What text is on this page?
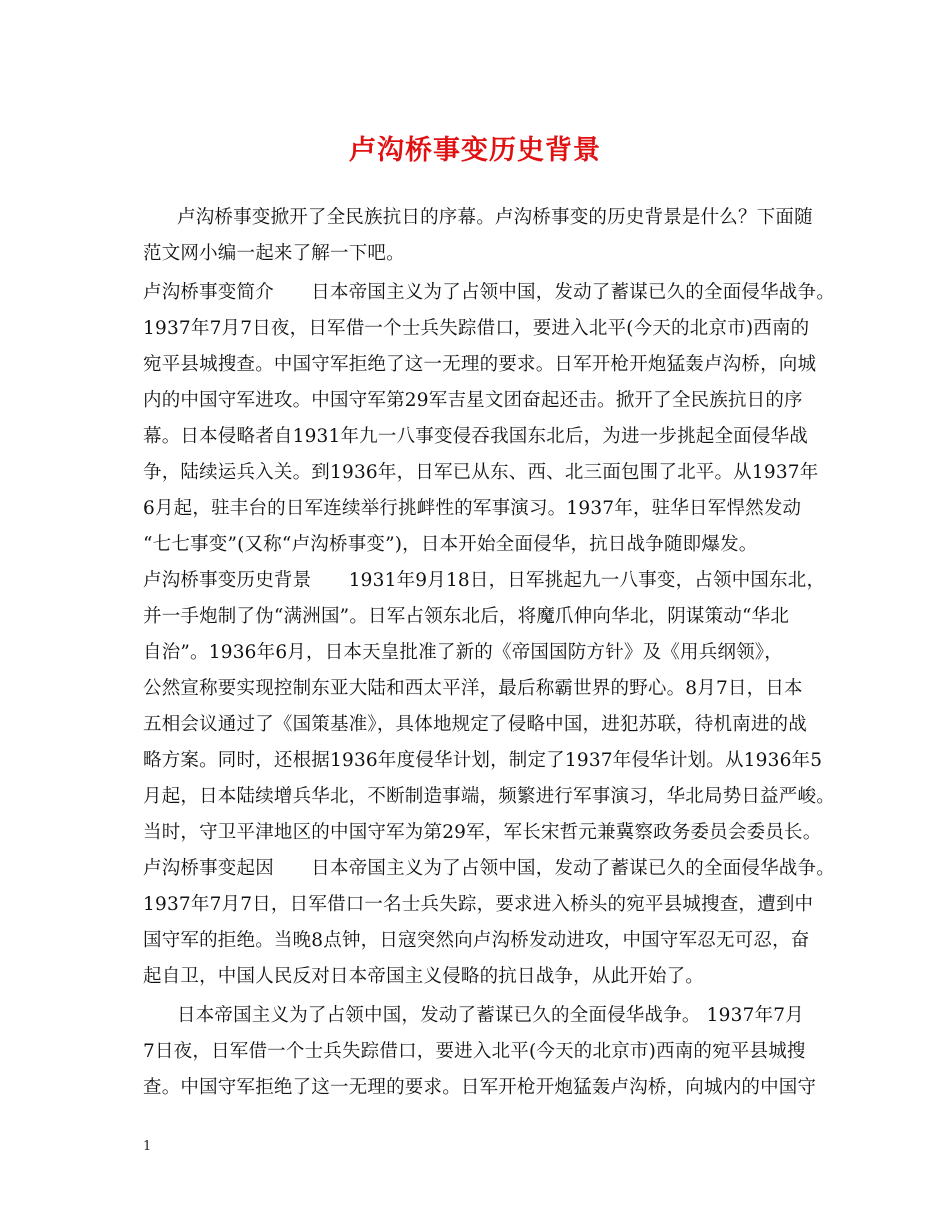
卢沟桥事变历史背景
卢沟桥事变掀开了全民族抗日的序幕。卢沟桥事变的历史背景是什么？下面随
范文网小编一起来了解一下吧。
卢沟桥事变简介　　日本帝国主义为了占领中国，发动了蓄谋已久的全面侵华战争。
1937年7月7日夜，日军借一个士兵失踪借口，要进入北平(今天的北京市)西南的
宛平县城搜查。中国守军拒绝了这一无理的要求。日军开枪开炮猛轰卢沟桥，向城
内的中国守军进攻。中国守军第29军吉星文团奋起还击。掀开了全民族抗日的序
幕。日本侵略者自1931年九一八事变侵吞我国东北后，为进一步挑起全面侵华战
争，陆续运兵入关。到1936年，日军已从东、西、北三面包围了北平。从1937年
6月起，驻丰台的日军连续举行挑衅性的军事演习。1937年，驻华日军悍然发动
“七七事变”(又称“卢沟桥事变”)，日本开始全面侵华，抗日战争随即爆发。
卢沟桥事变历史背景　　1931年9月18日，日军挑起九一八事变，占领中国东北，
并一手炮制了伪“满洲国”。日军占领东北后，将魔爪伸向华北，阴谋策动“华北
自治”。1936年6月，日本天皇批准了新的《帝国国防方针》及《用兵纲领》，
公然宣称要实现控制东亚大陆和西太平洋，最后称霸世界的野心。8月7日，日本
五相会议通过了《国策基准》，具体地规定了侵略中国，进犯苏联，待机南进的战
略方案。同时，还根据1936年度侵华计划，制定了1937年侵华计划。从1936年5
月起，日本陆续增兵华北，不断制造事端，频繁进行军事演习，华北局势日益严峻。
当时，守卫平津地区的中国守军为第29军，军长宋哲元兼冀察政务委员会委员长。
卢沟桥事变起因　　日本帝国主义为了占领中国，发动了蓄谋已久的全面侵华战争。
1937年7月7日，日军借口一名士兵失踪，要求进入桥头的宛平县城搜查，遭到中
国守军的拒绝。当晚8点钟，日寇突然向卢沟桥发动进攻，中国守军忍无可忍，奋
起自卫，中国人民反对日本帝国主义侵略的抗日战争，从此开始了。
日本帝国主义为了占领中国，发动了蓄谋已久的全面侵华战争。 1937年7月
7日夜，日军借一个士兵失踪借口，要进入北平(今天的北京市)西南的宛平县城搜
查。中国守军拒绝了这一无理的要求。日军开枪开炮猛轰卢沟桥，向城内的中国守
1
